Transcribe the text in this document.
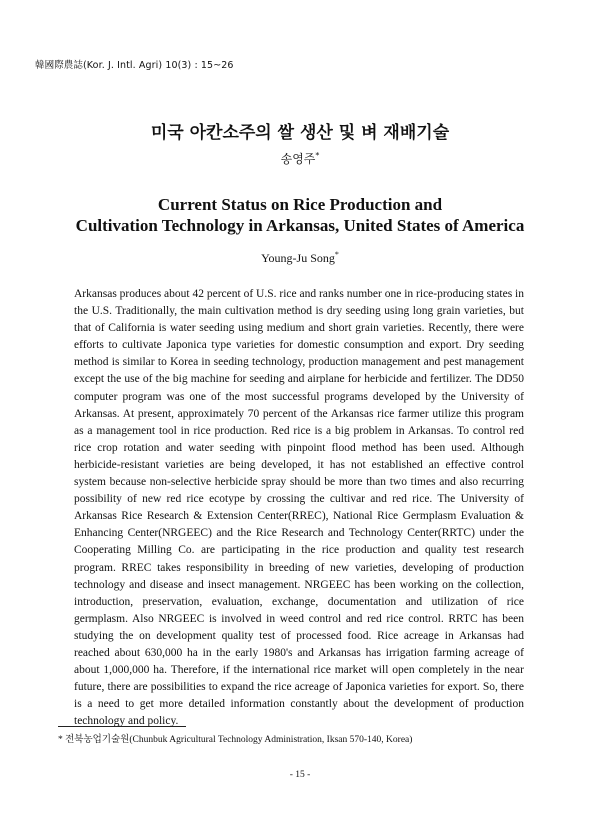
韓國際農誌(Kor. J. Intl. Agri) 10(3) : 15~26
미국 아칸소주의 쌀 생산 및 벼 재배기술
송영주*
Current Status on Rice Production and
Cultivation Technology in Arkansas, United States of America
Young-Ju Song*
Arkansas produces about 42 percent of U.S. rice and ranks number one in rice-producing states in the U.S. Traditionally, the main cultivation method is dry seeding using long grain varieties, but that of California is water seeding using medium and short grain varieties. Recently, there were efforts to cultivate Japonica type varieties for domestic consumption and export. Dry seeding method is similar to Korea in seeding technology, production management and pest management except the use of the big machine for seeding and airplane for herbicide and fertilizer. The DD50 computer program was one of the most successful programs developed by the University of Arkansas. At present, approximately 70 percent of the Arkansas rice farmer utilize this program as a management tool in rice production. Red rice is a big problem in Arkansas. To control red rice crop rotation and water seeding with pinpoint flood method has been used. Although herbicide-resistant varieties are being developed, it has not established an effective control system because non-selective herbicide spray should be more than two times and also recurring possibility of new red rice ecotype by crossing the cultivar and red rice. The University of Arkansas Rice Research & Extension Center(RREC), National Rice Germplasm Evaluation & Enhancing Center(NRGEEC) and the Rice Research and Technology Center(RRTC) under the Cooperating Milling Co. are participating in the rice production and quality test research program. RREC takes responsibility in breeding of new varieties, developing of production technology and disease and insect management. NRGEEC has been working on the collection, introduction, preservation, evaluation, exchange, documentation and utilization of rice germplasm. Also NRGEEC is involved in weed control and red rice control. RRTC has been studying the on development quality test of processed food. Rice acreage in Arkansas had reached about 630,000 ha in the early 1980's and Arkansas has irrigation farming acreage of about 1,000,000 ha. Therefore, if the international rice market will open completely in the near future, there are possibilities to expand the rice acreage of Japonica varieties for export. So, there is a need to get more detailed information constantly about the development of production technology and policy.
* 전북농업기술원(Chunbuk Agricultural Technology Administration, Iksan 570-140, Korea)
- 15 -
